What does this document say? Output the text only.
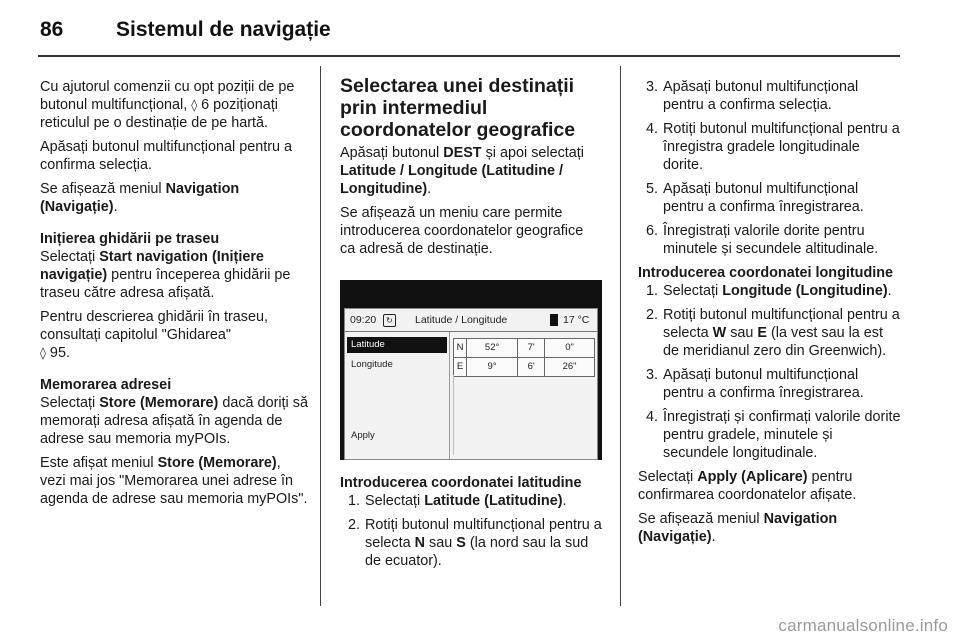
86	Sistemul de navigație

Cu ajutorul comenzii cu opt poziții de pe butonul multifuncțional, ◊ 6 poziționați reticulul pe o destinație de pe hartă.

Apăsați butonul multifuncțional pentru a confirma selecția.

Se afișează meniul Navigation (Navigație).

Inițierea ghidării pe traseu

Selectați Start navigation (Inițiere navigație) pentru începerea ghidării pe traseu către adresa afișată.

Pentru descrierea ghidării în traseu, consultați capitolul "Ghidarea"
◊ 95.

Memorarea adresei

Selectați Store (Memorare) dacă doriți să memorați adresa afișată în agenda de adrese sau memoria myPOIs.

Este afișat meniul Store (Memorare), vezi mai jos "Memorarea unei adrese în agenda de adrese sau memoria myPOIs".

Selectarea unei destinații prin intermediul coordonatelor geografice

Apăsați butonul DEST și apoi selectați Latitude / Longitude (Latitudine / Longitudine).

Se afișează un meniu care permite introducerea coordonatelor geografice ca adresă de destinație.

09:20	↻	Latitude / Longitude	17 °C
Latitude
Longitude
Apply
N	52°	7'	0"
E	9°	6'	26"

Introducerea coordonatei latitudine

1. Selectați Latitude (Latitudine).
2. Rotiți butonul multifuncțional pentru a selecta N sau S (la nord sau la sud de ecuator).
3. Apăsați butonul multifuncțional pentru a confirma selecția.
4. Rotiți butonul multifuncțional pentru a înregistra gradele longitudinale dorite.
5. Apăsați butonul multifuncțional pentru a confirma înregistrarea.
6. Înregistrați valorile dorite pentru minutele și secundele altitudinale.

Introducerea coordonatei longitudine

1. Selectați Longitude (Longitudine).
2. Rotiți butonul multifuncțional pentru a selecta W sau E (la vest sau la est de meridianul zero din Greenwich).
3. Apăsați butonul multifuncțional pentru a confirma înregistrarea.
4. Înregistrați și confirmați valorile dorite pentru gradele, minutele și secundele longitudinale.

Selectați Apply (Aplicare) pentru confirmarea coordonatelor afișate.

Se afișează meniul Navigation (Navigație).

carmanualsonline.info
